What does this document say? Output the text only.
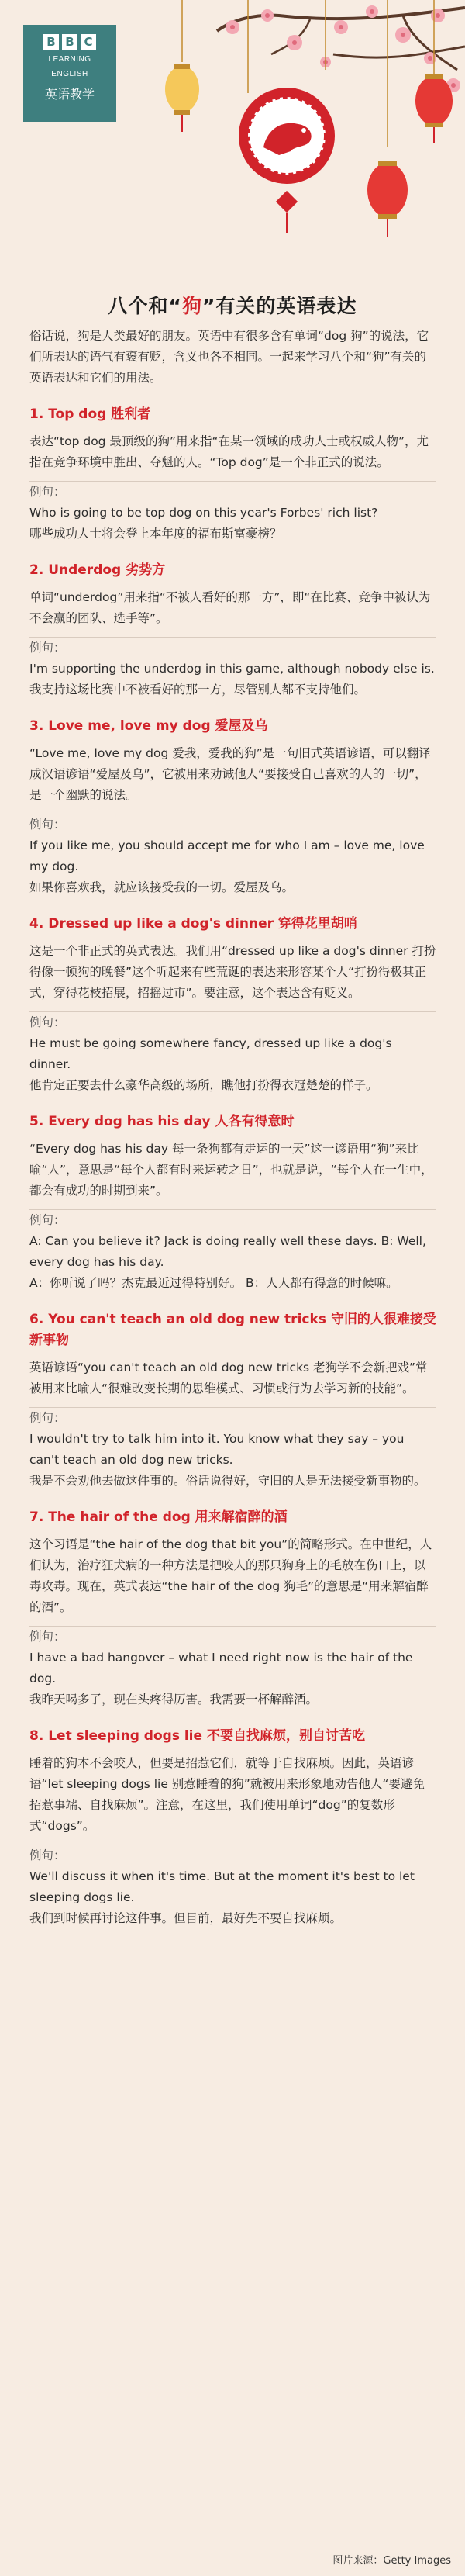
B B C
LEARNING
ENGLISH
英语教学
八个和“狗”有关的英语表达

俗话说，狗是人类最好的朋友。英语中有很多含有单词“dog 狗”的说法，它们所表达的语气有褒有贬，含义也各不相同。一起来学习八个和“狗”有关的英语表达和它们的用法。

1. Top dog 胜利者

表达“top dog 最顶级的狗”用来指“在某一领域的成功人士或权威人物”，尤指在竞争环境中胜出、夺魁的人。“Top dog”是一个非正式的说法。

例句：

Who is going to be top dog on this year's Forbes' rich list?

哪些成功人士将会登上本年度的福布斯富豪榜？

2. Underdog 劣势方

单词“underdog”用来指“不被人看好的那一方”，即“在比赛、竞争中被认为不会赢的团队、选手等”。

例句：

I'm supporting the underdog in this game, although nobody else is.

我支持这场比赛中不被看好的那一方，尽管别人都不支持他们。

3. Love me, love my dog 爱屋及乌

“Love me, love my dog 爱我，爱我的狗”是一句旧式英语谚语，可以翻译成汉语谚语“爱屋及乌”，它被用来劝诫他人“要接受自己喜欢的人的一切”，是一个幽默的说法。

例句：

If you like me, you should accept me for who I am – love me, love my dog.

如果你喜欢我，就应该接受我的一切。爱屋及乌。

4. Dressed up like a dog's dinner 穿得花里胡哨

这是一个非正式的英式表达。我们用“dressed up like a dog's dinner 打扮得像一顿狗的晚餐”这个听起来有些荒诞的表达来形容某个人“打扮得极其正式，穿得花枝招展，招摇过市”。要注意，这个表达含有贬义。

例句：

He must be going somewhere fancy, dressed up like a dog's dinner.

他肯定正要去什么豪华高级的场所，瞧他打扮得衣冠楚楚的样子。

5. Every dog has his day 人各有得意时

“Every dog has his day 每一条狗都有走运的一天”这一谚语用“狗”来比喻“人”，意思是“每个人都有时来运转之日”，也就是说，“每个人在一生中，都会有成功的时期到来”。

例句：

A: Can you believe it? Jack is doing really well these days. B: Well, every dog has his day.

A：你听说了吗？杰克最近过得特别好。 B：人人都有得意的时候嘛。

6. You can't teach an old dog new tricks 守旧的人很难接受新事物

英语谚语“you can't teach an old dog new tricks 老狗学不会新把戏”常被用来比喻人“很难改变长期的思维模式、习惯或行为去学习新的技能”。

例句：

I wouldn't try to talk him into it. You know what they say – you can't teach an old dog new tricks.

我是不会劝他去做这件事的。俗话说得好，守旧的人是无法接受新事物的。

7. The hair of the dog 用来解宿醉的酒

这个习语是“the hair of the dog that bit you”的简略形式。在中世纪，人们认为，治疗狂犬病的一种方法是把咬人的那只狗身上的毛放在伤口上，以毒攻毒。现在，英式表达“the hair of the dog 狗毛”的意思是“用来解宿醉的酒”。

例句：

I have a bad hangover – what I need right now is the hair of the dog.

我昨天喝多了，现在头疼得厉害。我需要一杯解醉酒。

8. Let sleeping dogs lie 不要自找麻烦，别自讨苦吃

睡着的狗本不会咬人，但要是招惹它们，就等于自找麻烦。因此，英语谚语“let sleeping dogs lie 别惹睡着的狗”就被用来形象地劝告他人“要避免招惹事端、自找麻烦”。注意，在这里，我们使用单词“dog”的复数形式“dogs”。

例句：

We'll discuss it when it's time. But at the moment it's best to let sleeping dogs lie.

我们到时候再讨论这件事。但目前，最好先不要自找麻烦。

图片来源：Getty Images
